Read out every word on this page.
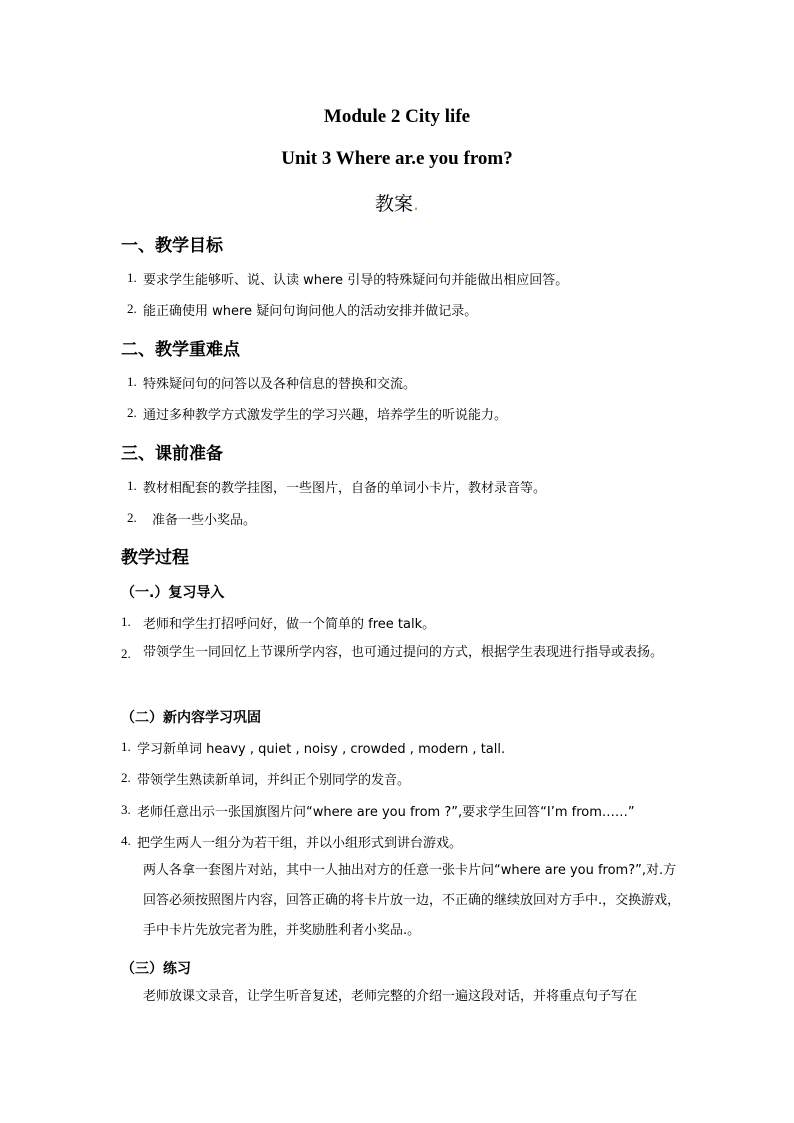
Module 2 City life
Unit 3 Where ar.e you from?
教案.
一、教学目标
1. 要求学生能够听、说、认读 where 引导的特殊疑问句并能做出相应回答。
2. 能正确使用 where 疑问句询问他人的活动安排并做记录。
二、教学重难点
1. 特殊疑问句的问答以及各种信息的替换和交流。
2. 通过多种教学方式激发学生的学习兴趣，培养学生的听说能力。
三、课前准备
1. 教材相配套的教学挂图，一些图片，自备的单词小卡片，教材录音等。
2. 准备一些小奖品。
教学过程
（一.）复习导入
1. 老师和学生打招呼问好，做一个简单的 free talk。
2. 带领学生一同回忆上节课所学内容，也可通过提问的方式，根据学生表现进行指导或表扬。
（二）新内容学习巩固
1. 学习新单词 heavy , quiet , noisy , crowded , modern , tall.
2. 带领学生熟读新单词，并纠正个别同学的发音。
3. 老师任意出示一张国旗图片问“where are you from ?”,要求学生回答“I’m from……”
4. 把学生两人一组分为若干组，并以小组形式到讲台游戏。
两人各拿一套图片对站，其中一人抽出对方的任意一张卡片问“where are you from?”,对.方回答必须按照图片内容，回答正确的将卡片放一边，不正确的继续放回对方手中.，交换游戏，手中卡片先放完者为胜，并奖励胜利者小奖品.。
（三）练习
老师放课文录音，让学生听音复述，老师完整的介绍一遍这段对话，并将重点句子写在
